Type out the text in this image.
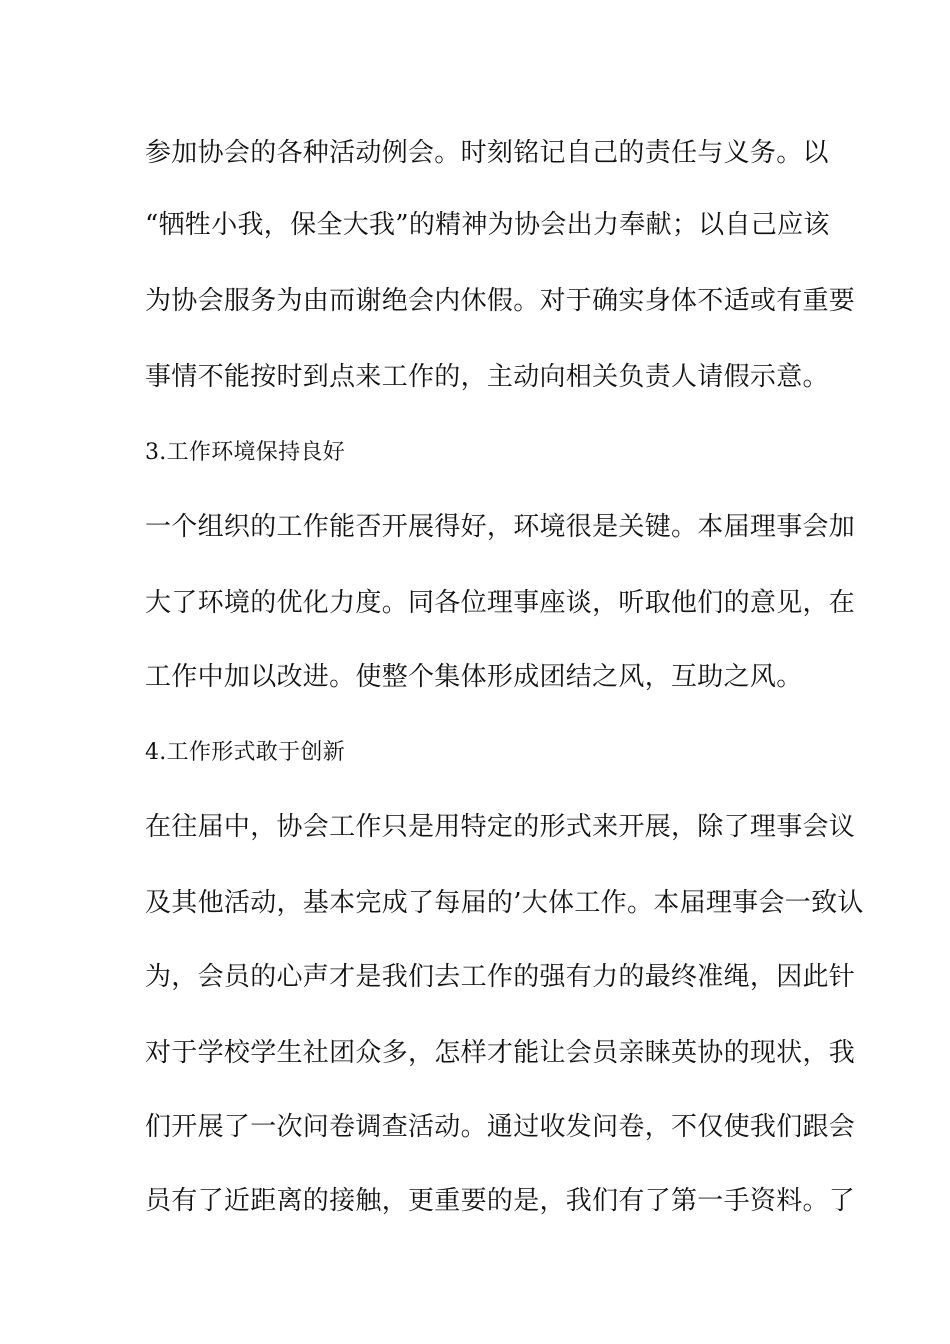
参加协会的各种活动例会。时刻铭记自己的责任与义务。以
“牺牲小我，保全大我”的精神为协会出力奉献；以自己应该
为协会服务为由而谢绝会内休假。对于确实身体不适或有重要
事情不能按时到点来工作的，主动向相关负责人请假示意。
3.工作环境保持良好
一个组织的工作能否开展得好，环境很是关键。本届理事会加
大了环境的优化力度。同各位理事座谈，听取他们的意见，在
工作中加以改进。使整个集体形成团结之风，互助之风。
4.工作形式敢于创新
在往届中，协会工作只是用特定的形式来开展，除了理事会议
及其他活动，基本完成了每届的’大体工作。本届理事会一致认
为，会员的心声才是我们去工作的强有力的最终准绳，因此针
对于学校学生社团众多，怎样才能让会员亲睐英协的现状，我
们开展了一次问卷调查活动。通过收发问卷，不仅使我们跟会
员有了近距离的接触，更重要的是，我们有了第一手资料。了
